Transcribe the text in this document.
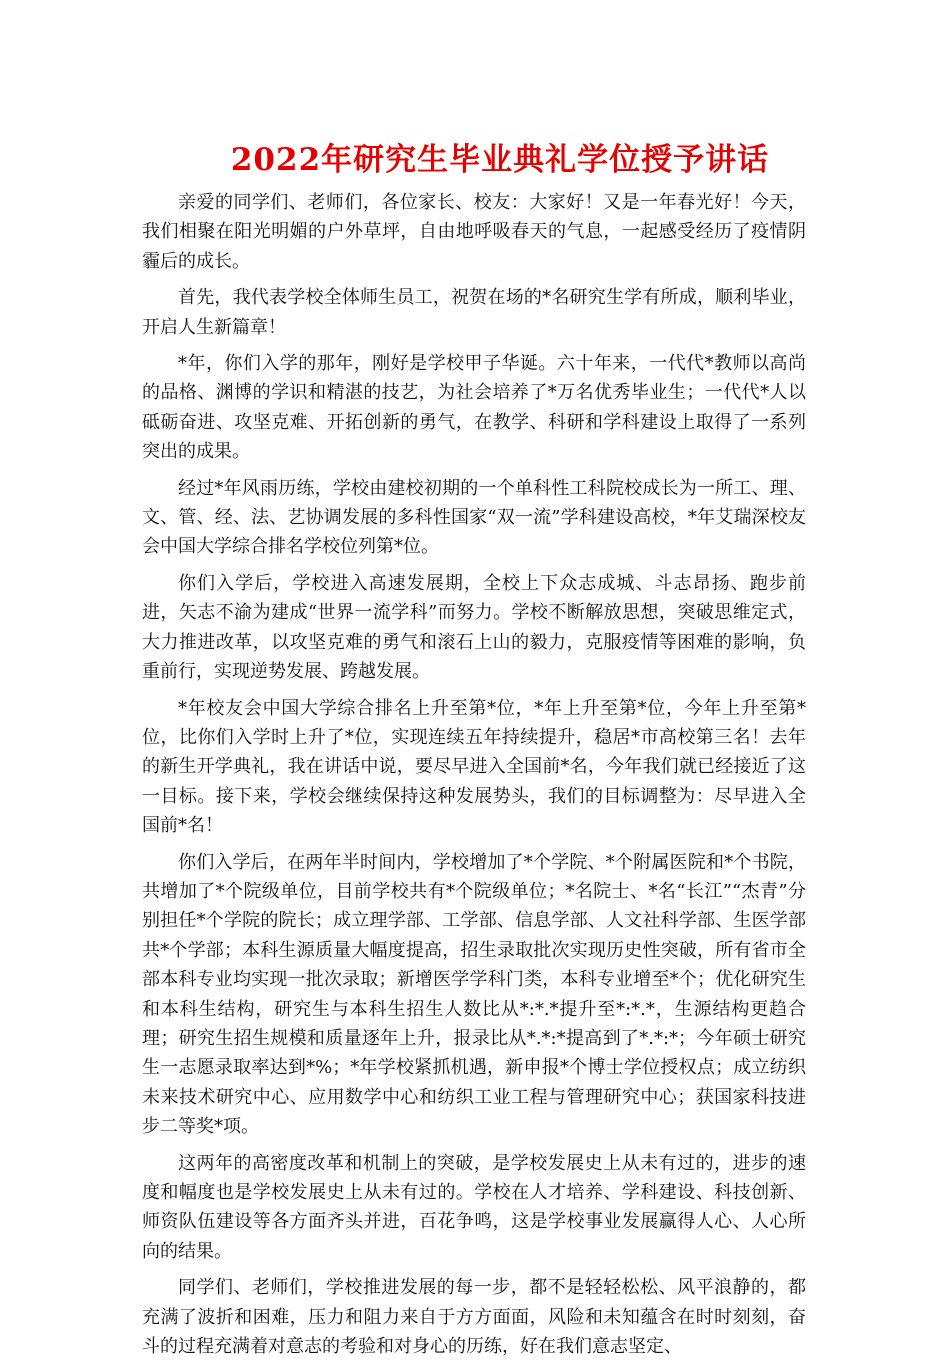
2022年研究生毕业典礼学位授予讲话

亲爱的同学们、老师们，各位家长、校友：大家好！又是一年春光好！今天，我们相聚在阳光明媚的户外草坪，自由地呼吸春天的气息，一起感受经历了疫情阴霾后的成长。

首先，我代表学校全体师生员工，祝贺在场的*名研究生学有所成，顺利毕业，开启人生新篇章！

*年，你们入学的那年，刚好是学校甲子华诞。六十年来，一代代*教师以高尚的品格、渊博的学识和精湛的技艺，为社会培养了*万名优秀毕业生；一代代*人以砥砺奋进、攻坚克难、开拓创新的勇气，在教学、科研和学科建设上取得了一系列突出的成果。

经过*年风雨历练，学校由建校初期的一个单科性工科院校成长为一所工、理、文、管、经、法、艺协调发展的多科性国家“双一流”学科建设高校，*年艾瑞深校友会中国大学综合排名学校位列第*位。

你们入学后，学校进入高速发展期，全校上下众志成城、斗志昂扬、跑步前进，矢志不渝为建成“世界一流学科”而努力。学校不断解放思想，突破思维定式，大力推进改革，以攻坚克难的勇气和滚石上山的毅力，克服疫情等困难的影响，负重前行，实现逆势发展、跨越发展。

*年校友会中国大学综合排名上升至第*位，*年上升至第*位，今年上升至第*位，比你们入学时上升了*位，实现连续五年持续提升，稳居*市高校第三名！去年的新生开学典礼，我在讲话中说，要尽早进入全国前*名，今年我们就已经接近了这一目标。接下来，学校会继续保持这种发展势头，我们的目标调整为：尽早进入全国前*名！

你们入学后，在两年半时间内，学校增加了*个学院、*个附属医院和*个书院，共增加了*个院级单位，目前学校共有*个院级单位；*名院士、*名“长江”“杰青”分别担任*个学院的院长；成立理学部、工学部、信息学部、人文社科学部、生医学部共*个学部；本科生源质量大幅度提高，招生录取批次实现历史性突破，所有省市全部本科专业均实现一批次录取；新增医学学科门类，本科专业增至*个；优化研究生和本科生结构，研究生与本科生招生人数比从*:*.*提升至*:*.*，生源结构更趋合理；研究生招生规模和质量逐年上升，报录比从*.*:*提高到了*.*:*；今年硕士研究生一志愿录取率达到*%；*年学校紧抓机遇，新申报*个博士学位授权点；成立纺织未来技术研究中心、应用数学中心和纺织工业工程与管理研究中心；获国家科技进步二等奖*项。

这两年的高密度改革和机制上的突破，是学校发展史上从未有过的，进步的速度和幅度也是学校发展史上从未有过的。学校在人才培养、学科建设、科技创新、师资队伍建设等各方面齐头并进，百花争鸣，这是学校事业发展赢得人心、人心所向的结果。

同学们、老师们，学校推进发展的每一步，都不是轻轻松松、风平浪静的，都充满了波折和困难，压力和阻力来自于方方面面，风险和未知蕴含在时时刻刻，奋斗的过程充满着对意志的考验和对身心的历练，好在我们意志坚定、
